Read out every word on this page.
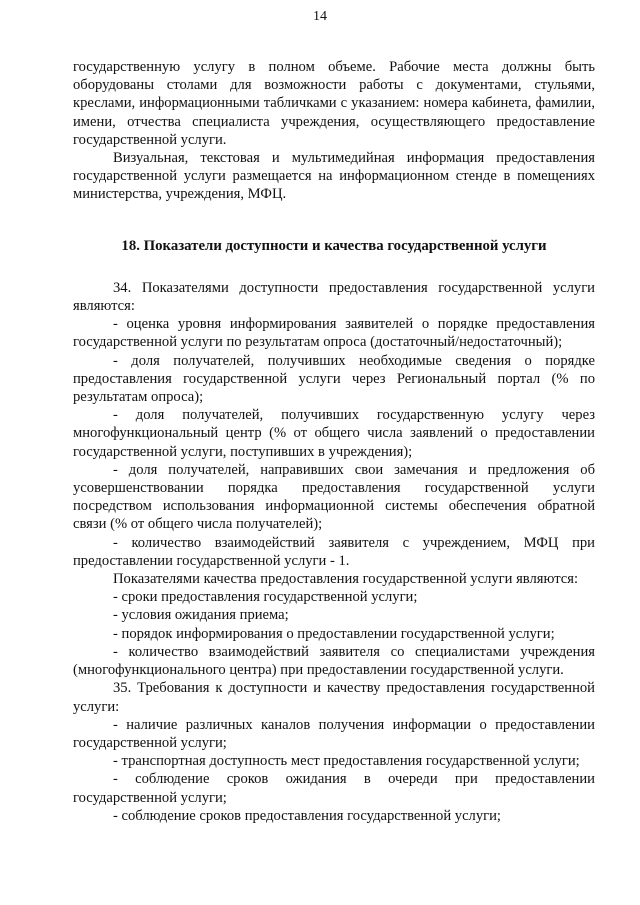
14

государственную услугу в полном объеме. Рабочие места должны быть оборудованы столами для возможности работы с документами, стульями, креслами, информационными табличками с указанием: номера кабинета, фамилии, имени, отчества специалиста учреждения, осуществляющего предоставление государственной услуги.

Визуальная, текстовая и мультимедийная информация предоставления государственной услуги размещается на информационном стенде в помещениях министерства, учреждения, МФЦ.

18. Показатели доступности и качества государственной услуги

34. Показателями доступности предоставления государственной услуги являются:

- оценка уровня информирования заявителей о порядке предоставления государственной услуги по результатам опроса (достаточный/недостаточный);

- доля получателей, получивших необходимые сведения о порядке предоставления государственной услуги через Региональный портал (% по результатам опроса);

- доля получателей, получивших государственную услугу через многофункциональный центр (% от общего числа заявлений о предоставлении государственной услуги, поступивших в учреждения);

- доля получателей, направивших свои замечания и предложения об усовершенствовании порядка предоставления государственной услуги посредством использования информационной системы обеспечения обратной связи (% от общего числа получателей);

- количество взаимодействий заявителя с учреждением, МФЦ при предоставлении государственной услуги - 1.

Показателями качества предоставления государственной услуги являются:

- сроки предоставления государственной услуги;

- условия ожидания приема;

- порядок информирования о предоставлении государственной услуги;

- количество взаимодействий заявителя со специалистами учреждения (многофункционального центра) при предоставлении государственной услуги.

35. Требования к доступности и качеству предоставления государственной услуги:

- наличие различных каналов получения информации о предоставлении государственной услуги;

- транспортная доступность мест предоставления государственной услуги;

- соблюдение сроков ожидания в очереди при предоставлении государственной услуги;

- соблюдение сроков предоставления государственной услуги;
